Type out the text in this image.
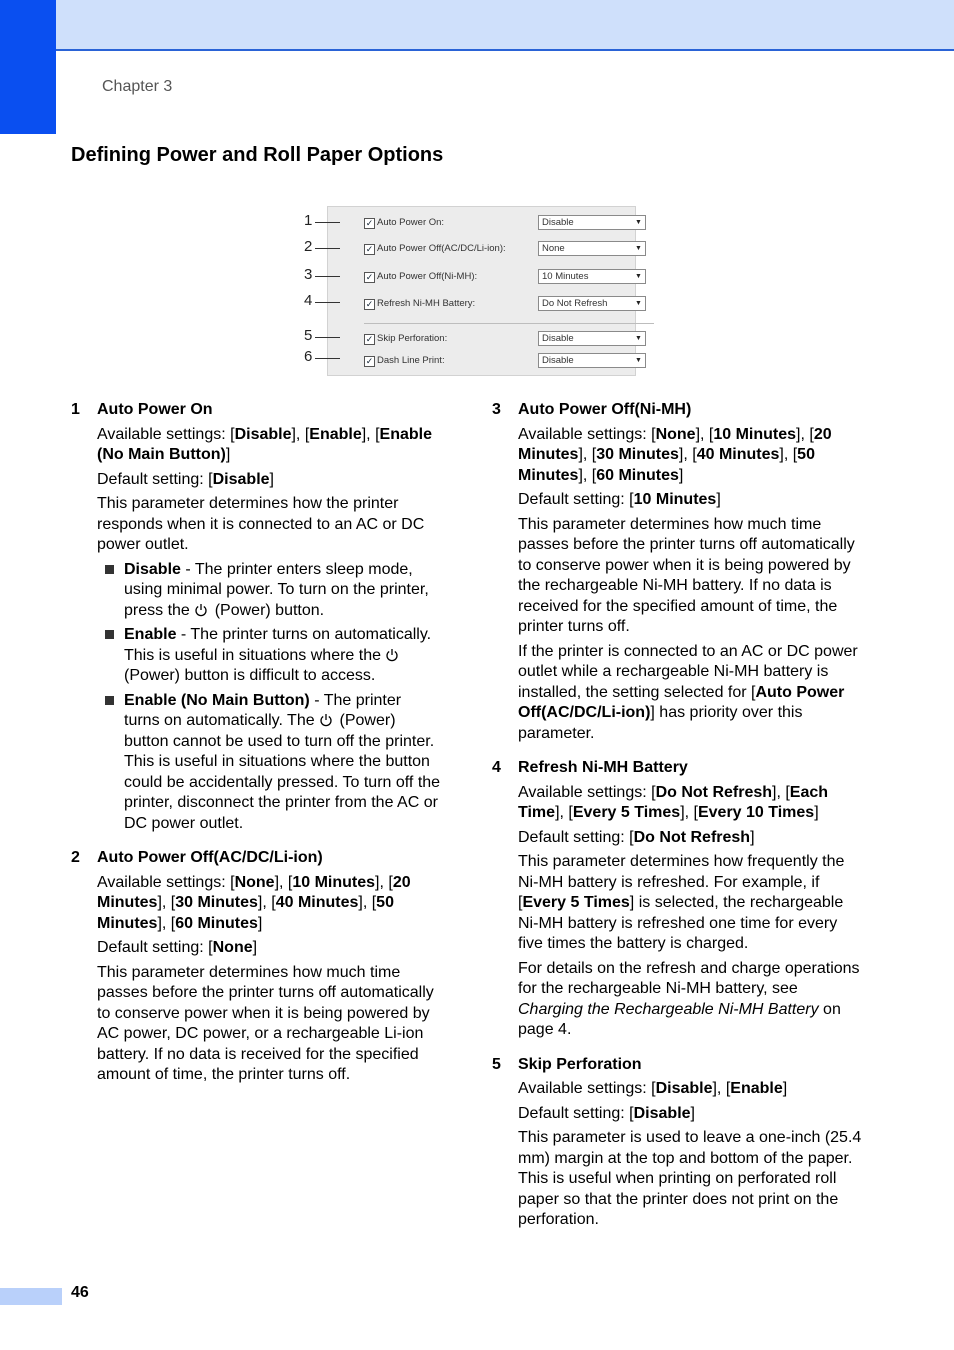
Chapter 3
Defining Power and Roll Paper Options
✓ Auto Power On:	Disable	▼
✓ Auto Power Off(AC/DC/Li-ion):	None	▼
✓ Auto Power Off(Ni-MH):	10 Minutes	▼
✓ Refresh Ni-MH Battery:	Do Not Refresh	▼
✓ Skip Perforation:	Disable	▼
✓ Dash Line Print:	Disable	▼
1
2
3
4
5
6
1 Auto Power On

Available settings: [Disable], [Enable], [Enable (No Main Button)]

Default setting: [Disable]

This parameter determines how the printer responds when it is connected to an AC or DC power outlet.

Disable - The printer enters sleep mode, using minimal power. To turn on the printer, press the  (Power) button.
Enable - The printer turns on automatically. This is useful in situations where the  (Power) button is difficult to access.
Enable (No Main Button) - The printer turns on automatically. The  (Power) button cannot be used to turn off the printer. This is useful in situations where the button could be accidentally pressed. To turn off the printer, disconnect the printer from the AC or DC power outlet.
2 Auto Power Off(AC/DC/Li-ion)

Available settings: [None], [10 Minutes], [20 Minutes], [30 Minutes], [40 Minutes], [50 Minutes], [60 Minutes]

Default setting: [None]

This parameter determines how much time passes before the printer turns off automatically to conserve power when it is being powered by AC power, DC power, or a rechargeable Li-ion battery. If no data is received for the specified amount of time, the printer turns off.

3 Auto Power Off(Ni-MH)

Available settings: [None], [10 Minutes], [20 Minutes], [30 Minutes], [40 Minutes], [50 Minutes], [60 Minutes]

Default setting: [10 Minutes]

This parameter determines how much time passes before the printer turns off automatically to conserve power when it is being powered by the rechargeable Ni-MH battery. If no data is received for the specified amount of time, the printer turns off.

If the printer is connected to an AC or DC power outlet while a rechargeable Ni-MH battery is installed, the setting selected for [Auto Power Off(AC/DC/Li-ion)] has priority over this parameter.

4 Refresh Ni-MH Battery

Available settings: [Do Not Refresh], [Each Time], [Every 5 Times], [Every 10 Times]

Default setting: [Do Not Refresh]

This parameter determines how frequently the Ni-MH battery is refreshed. For example, if [Every 5 Times] is selected, the rechargeable Ni-MH battery is refreshed one time for every five times the battery is charged.

For details on the refresh and charge operations for the rechargeable Ni-MH battery, see Charging the Rechargeable Ni-MH Battery on page 4.

5 Skip Perforation

Available settings: [Disable], [Enable]

Default setting: [Disable]

This parameter is used to leave a one-inch (25.4 mm) margin at the top and bottom of the paper. This is useful when printing on perforated roll paper so that the printer does not print on the perforation.

46
